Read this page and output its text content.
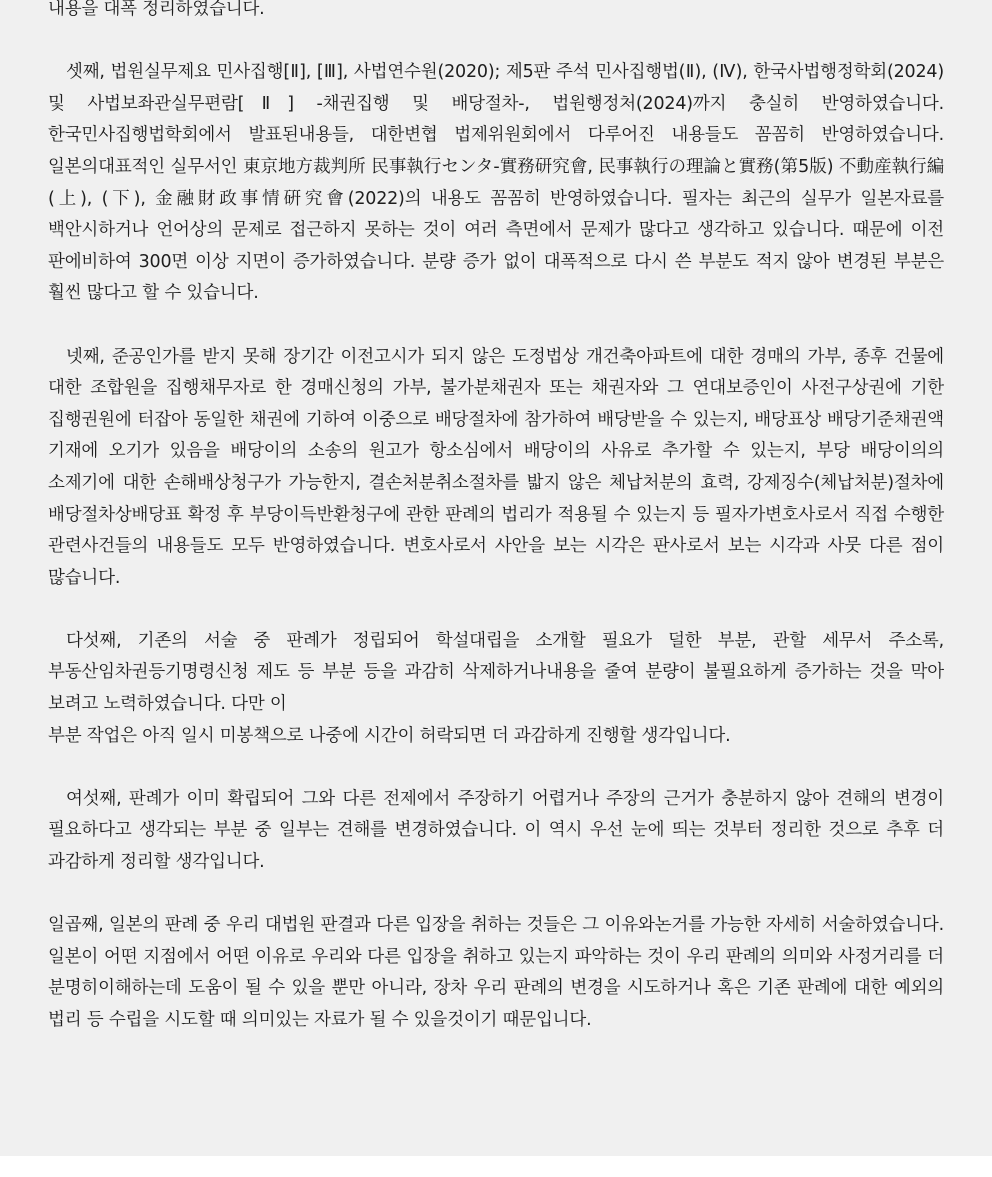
내용을 대폭 정리하였습니다.

셋째, 법원실무제요 민사집행[Ⅱ], [Ⅲ], 사법연수원(2020); 제5판 주석 민사집행법(Ⅱ), (Ⅳ), 한국사법행정학회(2024) 및 사법보좌관실무편람[Ⅱ] -채권집행 및 배당절차-, 법원행정처(2024)까지 충실히 반영하였습니다. 한국민사집행법학회에서 발표된내용들, 대한변협 법제위원회에서 다루어진 내용들도 꼼꼼히 반영하였습니다. 일본의대표적인 실무서인 東京地方裁判所 民事執行センタ-實務研究會, 民事執行の理論と實務(第5版) 不動産執行編(上), (下), 金融財政事情硏究會(2022)의 내용도 꼼꼼히 반영하였습니다. 필자는 최근의 실무가 일본자료를 백안시하거나 언어상의 문제로 접근하지 못하는 것이 여러 측면에서 문제가 많다고 생각하고 있습니다. 때문에 이전 판에비하여 300면 이상 지면이 증가하였습니다. 분량 증가 없이 대폭적으로 다시 쓴 부분도 적지 않아 변경된 부분은 훨씬 많다고 할 수 있습니다.

넷째, 준공인가를 받지 못해 장기간 이전고시가 되지 않은 도정법상 개건축아파트에 대한 경매의 가부, 종후 건물에 대한 조합원을 집행채무자로 한 경매신청의 가부, 불가분채권자 또는 채권자와 그 연대보증인이 사전구상권에 기한 집행권원에 터잡아 동일한 채권에 기하여 이중으로 배당절차에 참가하여 배당받을 수 있는지, 배당표상 배당기준채권액 기재에 오기가 있음을 배당이의 소송의 원고가 항소심에서 배당이의 사유로 추가할 수 있는지, 부당 배당이의의 소제기에 대한 손해배상청구가 가능한지, 결손처분취소절차를 밟지 않은 체납처분의 효력, 강제징수(체납처분)절차에 배당절차상배당표 확정 후 부당이득반환청구에 관한 판례의 법리가 적용될 수 있는지 등 필자가변호사로서 직접 수행한 관련사건들의 내용들도 모두 반영하였습니다. 변호사로서 사안을 보는 시각은 판사로서 보는 시각과 사뭇 다른 점이 많습니다.

다섯째, 기존의 서술 중 판례가 정립되어 학설대립을 소개할 필요가 덜한 부분, 관할 세무서 주소록, 부동산임차권등기명령신청 제도 등 부분 등을 과감히 삭제하거나내용을 줄여 분량이 불필요하게 증가하는 것을 막아 보려고 노력하였습니다. 다만 이

부분 작업은 아직 일시 미봉책으로 나중에 시간이 허락되면 더 과감하게 진행할 생각입니다.

여섯째, 판례가 이미 확립되어 그와 다른 전제에서 주장하기 어렵거나 주장의 근거가 충분하지 않아 견해의 변경이 필요하다고 생각되는 부분 중 일부는 견해를 변경하였습니다. 이 역시 우선 눈에 띄는 것부터 정리한 것으로 추후 더 과감하게 정리할 생각입니다.

일곱째, 일본의 판례 중 우리 대법원 판결과 다른 입장을 취하는 것들은 그 이유와논거를 가능한 자세히 서술하였습니다. 일본이 어떤 지점에서 어떤 이유로 우리와 다른 입장을 취하고 있는지 파악하는 것이 우리 판례의 의미와 사정거리를 더 분명히이해하는데 도움이 될 수 있을 뿐만 아니라, 장차 우리 판례의 변경을 시도하거나 혹은 기존 판례에 대한 예외의 법리 등 수립을 시도할 때 의미있는 자료가 될 수 있을것이기 때문입니다.
